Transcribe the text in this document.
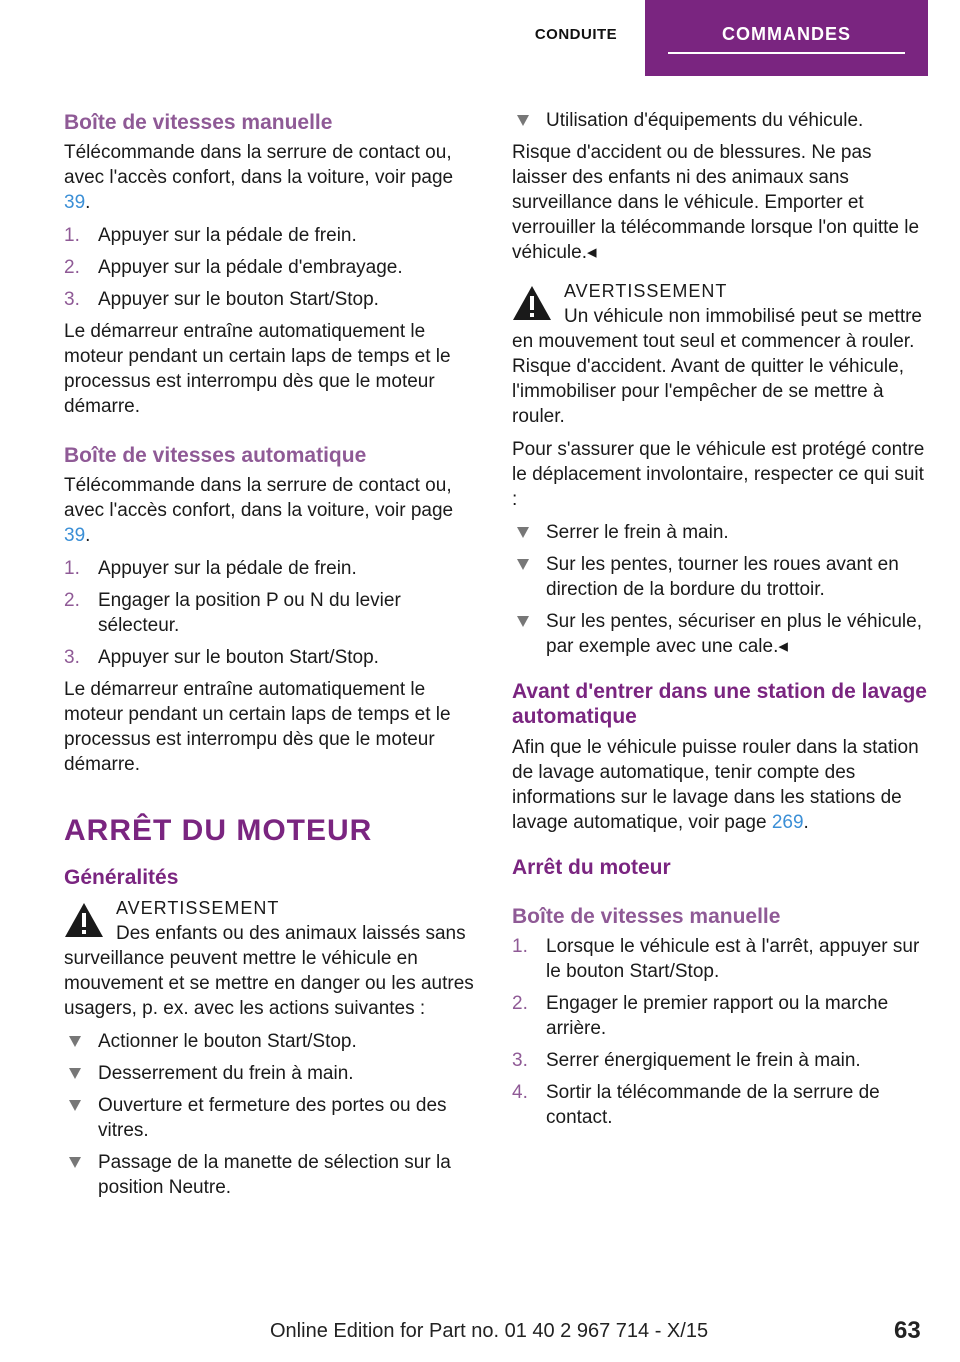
CONDUITE	COMMANDES
Boîte de vitesses manuelle

Télécommande dans la serrure de contact ou, avec l'accès confort, dans la voiture, voir page 39.

1. Appuyer sur la pédale de frein.
2. Appuyer sur la pédale d'embrayage.
3. Appuyer sur le bouton Start/Stop.

Le démarreur entraîne automatiquement le moteur pendant un certain laps de temps et le processus est interrompu dès que le moteur démarre.

Boîte de vitesses automatique

Télécommande dans la serrure de contact ou, avec l'accès confort, dans la voiture, voir page 39.

1. Appuyer sur la pédale de frein.
2. Engager la position P ou N du levier sélecteur.
3. Appuyer sur le bouton Start/Stop.

Le démarreur entraîne automatiquement le moteur pendant un certain laps de temps et le processus est interrompu dès que le moteur démarre.

ARRÊT DU MOTEUR
Généralités
AVERTISSEMENT
Des enfants ou des animaux laissés sans surveillance peuvent mettre le véhicule en mouvement et se mettre en danger ou les autres usagers, p. ex. avec les actions suivantes :
Actionner le bouton Start/Stop.
Desserrement du frein à main.
Ouverture et fermeture des portes ou des vitres.
Passage de la manette de sélection sur la position Neutre.
Utilisation d'équipements du véhicule.

Risque d'accident ou de blessures. Ne pas laisser des enfants ni des animaux sans surveillance dans le véhicule. Emporter et verrouiller la télécommande lorsque l'on quitte le véhicule.◂

AVERTISSEMENT
Un véhicule non immobilisé peut se mettre en mouvement tout seul et commencer à rouler. Risque d'accident. Avant de quitter le véhicule, l'immobiliser pour l'empêcher de se mettre à rouler.

Pour s'assurer que le véhicule est protégé contre le déplacement involontaire, respecter ce qui suit :

Serrer le frein à main.
Sur les pentes, tourner les roues avant en direction de la bordure du trottoir.
Sur les pentes, sécuriser en plus le véhicule, par exemple avec une cale.◂
Avant d'entrer dans une station de lavage automatique

Afin que le véhicule puisse rouler dans la station de lavage automatique, tenir compte des informations sur le lavage dans les stations de lavage automatique, voir page 269.

Arrêt du moteur
Boîte de vitesses manuelle
1. Lorsque le véhicule est à l'arrêt, appuyer sur le bouton Start/Stop.
2. Engager le premier rapport ou la marche arrière.
3. Serrer énergiquement le frein à main.
4. Sortir la télécommande de la serrure de contact.
Online Edition for Part no. 01 40 2 967 714 - X/15	63
